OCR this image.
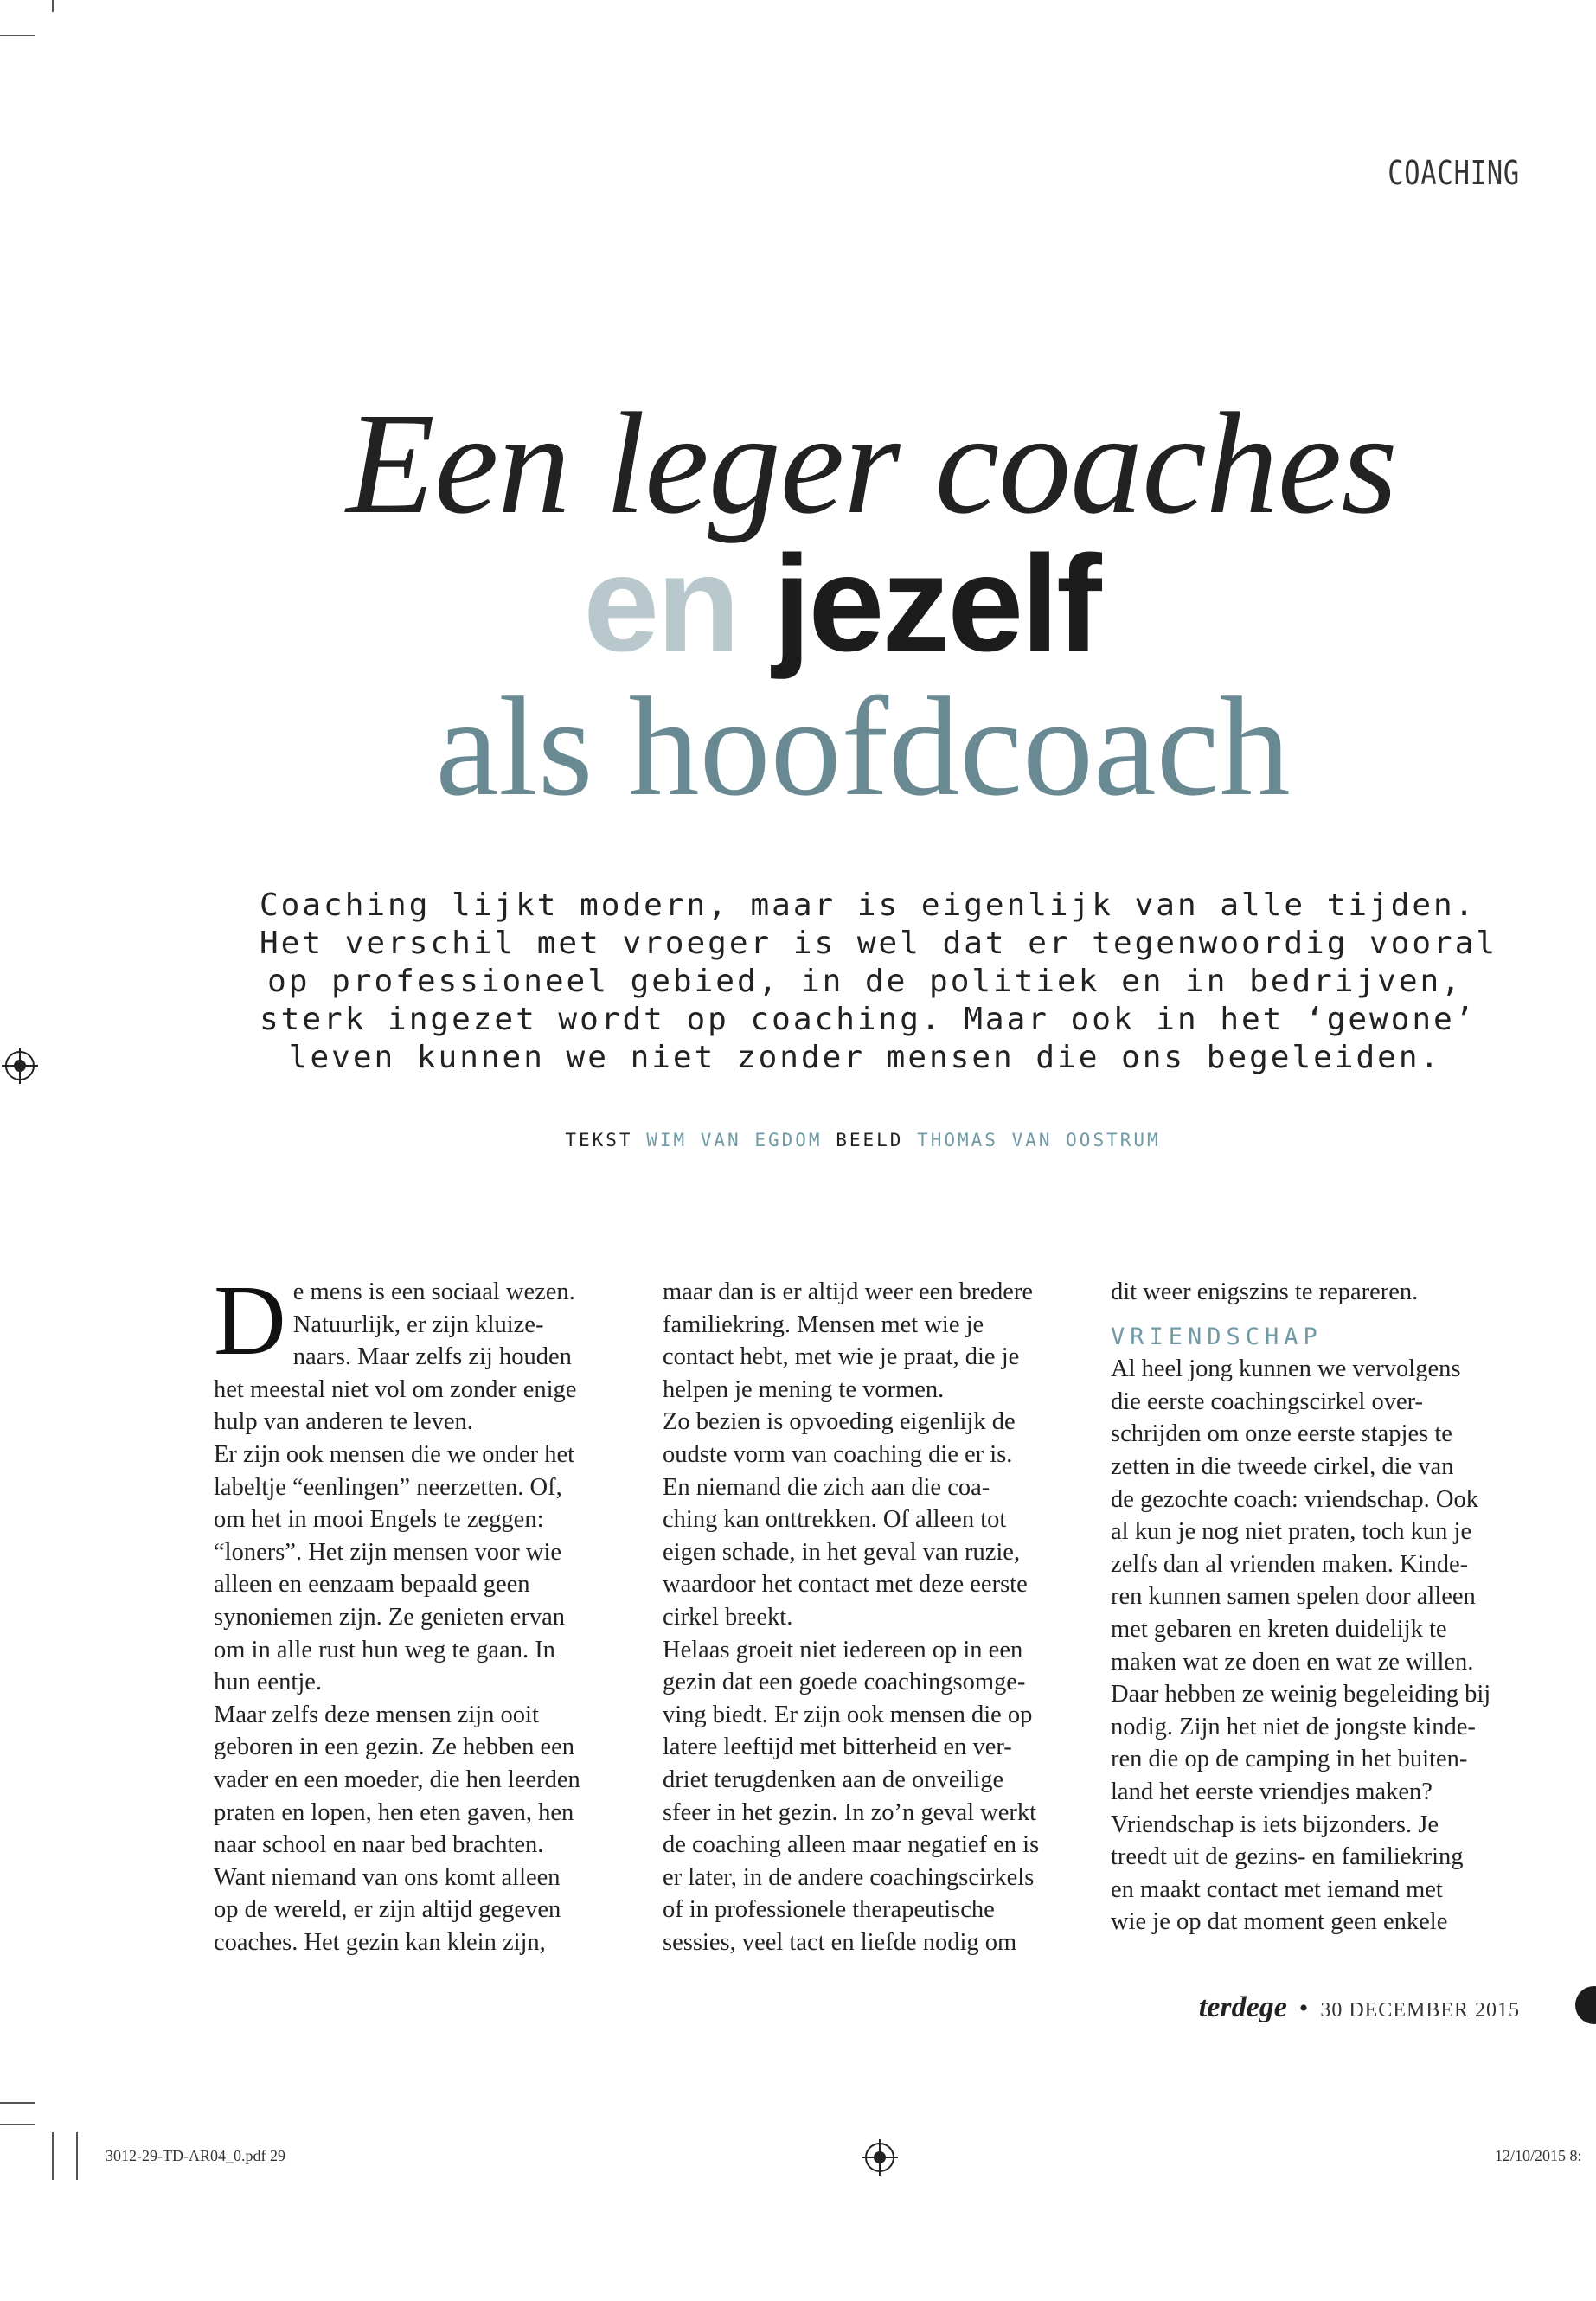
COACHING
Een leger coaches
en jezelf
als hoofdcoach
Coaching lijkt modern, maar is eigenlijk van alle tijden.
Het verschil met vroeger is wel dat er tegenwoordig vooral
op professioneel gebied, in de politiek en in bedrijven,
sterk ingezet wordt op coaching. Maar ook in het ‘gewone’
leven kunnen we niet zonder mensen die ons begeleiden.
TEKST WIM VAN EGDOM BEELD THOMAS VAN OOSTRUM
D e mens is een sociaal wezen.
Natuurlijk, er zijn kluize-
naars. Maar zelfs zij houden
het meestal niet vol om zonder enige
hulp van anderen te leven.
Er zijn ook mensen die we onder het
labeltje “eenlingen” neerzetten. Of,
om het in mooi Engels te zeggen:
“loners”. Het zijn mensen voor wie
alleen en eenzaam bepaald geen
synoniemen zijn. Ze genieten ervan
om in alle rust hun weg te gaan. In
hun eentje.
Maar zelfs deze mensen zijn ooit
geboren in een gezin. Ze hebben een
vader en een moeder, die hen leerden
praten en lopen, hen eten gaven, hen
naar school en naar bed brachten.
Want niemand van ons komt alleen
op de wereld, er zijn altijd gegeven
coaches. Het gezin kan klein zijn,
maar dan is er altijd weer een bredere
familiekring. Mensen met wie je
contact hebt, met wie je praat, die je
helpen je mening te vormen.
Zo bezien is opvoeding eigenlijk de
oudste vorm van coaching die er is.
En niemand die zich aan die coa-
ching kan onttrekken. Of alleen tot
eigen schade, in het geval van ruzie,
waardoor het contact met deze eerste
cirkel breekt.
Helaas groeit niet iedereen op in een
gezin dat een goede coachingsomge-
ving biedt. Er zijn ook mensen die op
latere leeftijd met bitterheid en ver-
driet terugdenken aan de onveilige
sfeer in het gezin. In zo’n geval werkt
de coaching alleen maar negatief en is
er later, in de andere coachingscirkels
of in professionele therapeutische
sessies, veel tact en liefde nodig om
dit weer enigszins te repareren.
VRIENDSCHAP
Al heel jong kunnen we vervolgens
die eerste coachingscirkel over-
schrijden om onze eerste stapjes te
zetten in die tweede cirkel, die van
de gezochte coach: vriendschap. Ook
al kun je nog niet praten, toch kun je
zelfs dan al vrienden maken. Kinde-
ren kunnen samen spelen door alleen
met gebaren en kreten duidelijk te
maken wat ze doen en wat ze willen.
Daar hebben ze weinig begeleiding bij
nodig. Zijn het niet de jongste kinde-
ren die op de camping in het buiten-
land het eerste vriendjes maken?
Vriendschap is iets bijzonders. Je
treedt uit de gezins- en familiekring
en maakt contact met iemand met
wie je op dat moment geen enkele
terdege • 30 DECEMBER 2015
3012-29-TD-AR04_0.pdf 29	12/10/2015 8:
